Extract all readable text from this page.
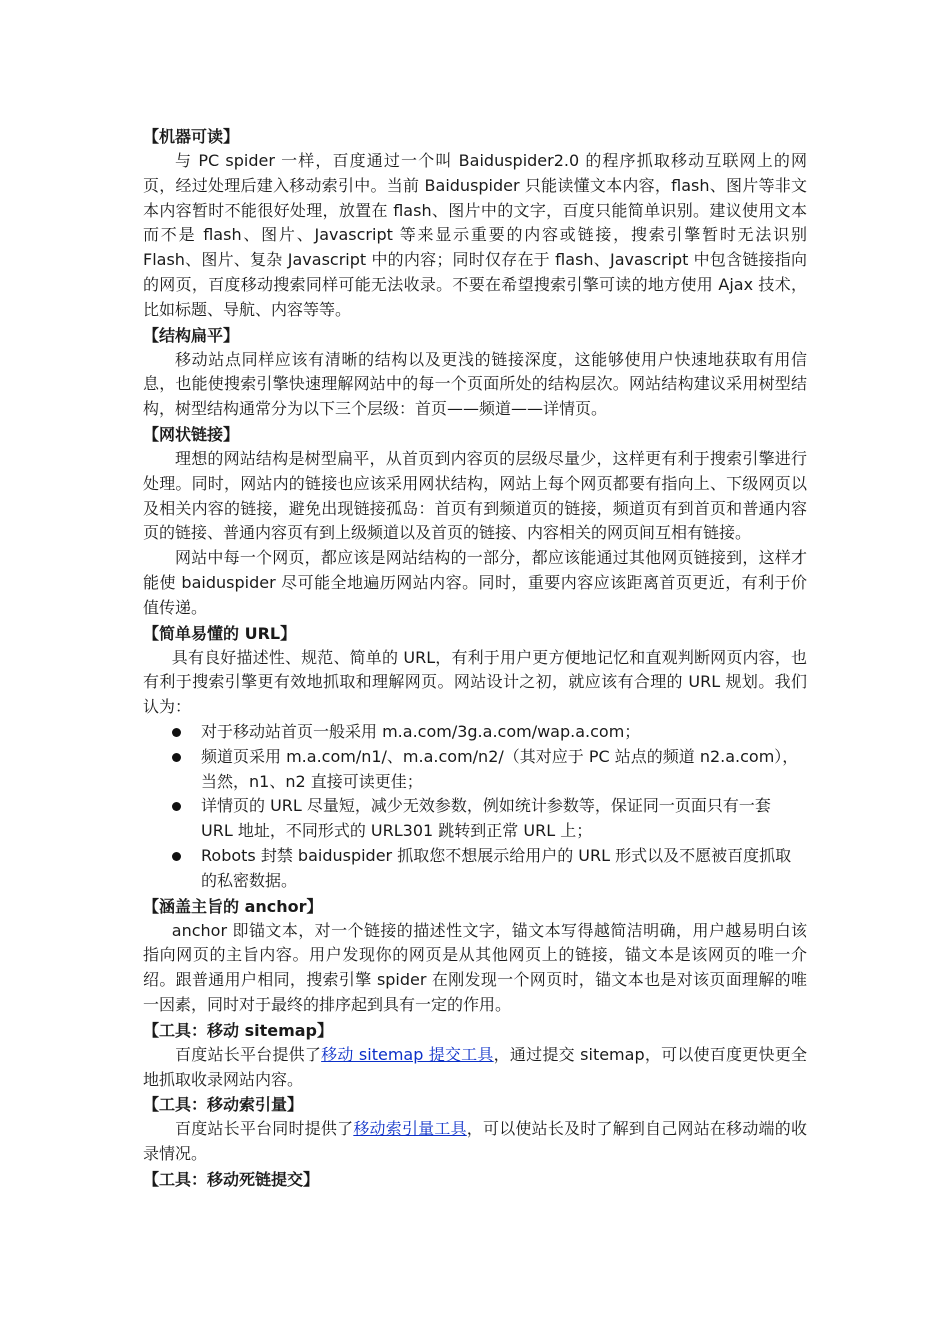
【机器可读】

与 PC spider 一样，百度通过一个叫 Baiduspider2.0 的程序抓取移动互联网上的网页，经过处理后建入移动索引中。当前 Baiduspider 只能读懂文本内容，flash、图片等非文本内容暂时不能很好处理，放置在 flash、图片中的文字，百度只能简单识别。建议使用文本而不是 flash、图片、Javascript 等来显示重要的内容或链接，搜索引擎暂时无法识别 Flash、图片、复杂 Javascript 中的内容；同时仅存在于 flash、Javascript 中包含链接指向的网页，百度移动搜索同样可能无法收录。不要在希望搜索引擎可读的地方使用 Ajax 技术，比如标题、导航、内容等等。

【结构扁平】

移动站点同样应该有清晰的结构以及更浅的链接深度，这能够使用户快速地获取有用信息，也能使搜索引擎快速理解网站中的每一个页面所处的结构层次。网站结构建议采用树型结构，树型结构通常分为以下三个层级：首页——频道——详情页。

【网状链接】

理想的网站结构是树型扁平，从首页到内容页的层级尽量少，这样更有利于搜索引擎进行处理。同时，网站内的链接也应该采用网状结构，网站上每个网页都要有指向上、下级网页以及相关内容的链接，避免出现链接孤岛：首页有到频道页的链接，频道页有到首页和普通内容页的链接、普通内容页有到上级频道以及首页的链接、内容相关的网页间互相有链接。

网站中每一个网页，都应该是网站结构的一部分，都应该能通过其他网页链接到，这样才能使 baiduspider 尽可能全地遍历网站内容。同时，重要内容应该距离首页更近，有利于价值传递。

【简单易懂的 URL】

具有良好描述性、规范、简单的 URL，有利于用户更方便地记忆和直观判断网页内容，也有利于搜索引擎更有效地抓取和理解网页。网站设计之初，就应该有合理的 URL 规划。我们认为：

对于移动站首页一般采用 m.a.com/3g.a.com/wap.a.com；
频道页采用 m.a.com/n1/、m.a.com/n2/（其对应于 PC 站点的频道 n2.a.com），当然，n1、n2 直接可读更佳；
详情页的 URL 尽量短，减少无效参数，例如统计参数等，保证同一页面只有一套 URL 地址，不同形式的 URL301 跳转到正常 URL 上；
Robots 封禁 baiduspider 抓取您不想展示给用户的 URL 形式以及不愿被百度抓取的私密数据。

【涵盖主旨的 anchor】

anchor 即锚文本，对一个链接的描述性文字，锚文本写得越简洁明确，用户越易明白该指向网页的主旨内容。用户发现你的网页是从其他网页上的链接，锚文本是该网页的唯一介绍。跟普通用户相同，搜索引擎 spider 在刚发现一个网页时，锚文本也是对该页面理解的唯一因素，同时对于最终的排序起到具有一定的作用。

【工具：移动 sitemap】

百度站长平台提供了移动 sitemap 提交工具，通过提交 sitemap，可以使百度更快更全地抓取收录网站内容。

【工具：移动索引量】

百度站长平台同时提供了移动索引量工具，可以使站长及时了解到自己网站在移动端的收录情况。

【工具：移动死链提交】
